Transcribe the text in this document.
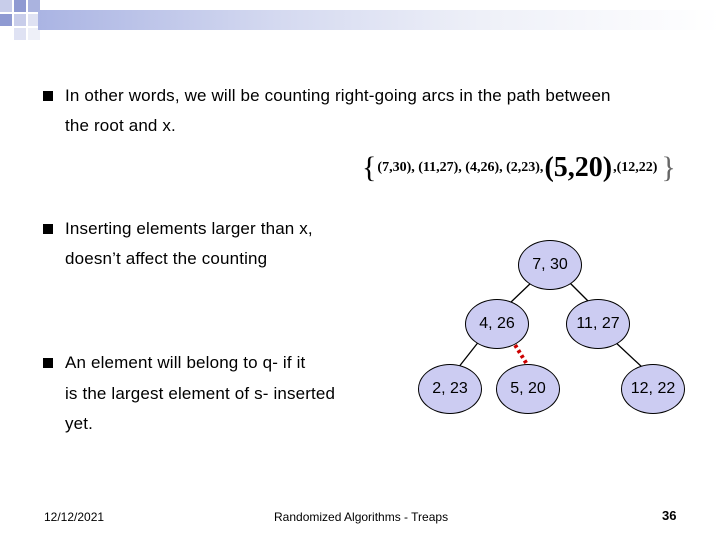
In other words, we will be counting right-going arcs in the path between
the root and x.
{ (7,30), (11,27), (4,26), (2,23), (5,20) ,(12,22) }
Inserting elements larger than x,
doesn’t affect the counting
An element will belong to q- if it
is the largest element of s- inserted
yet.
7, 30
4, 26	11, 27
2, 23	5, 20	12, 22
12/12/2021	Randomized Algorithms - Treaps	36
